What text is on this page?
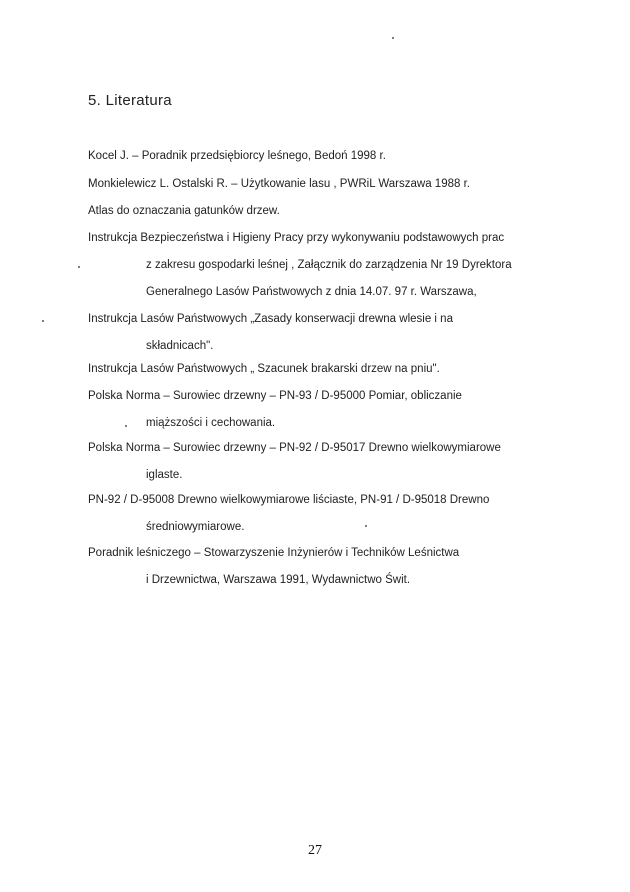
5. Literatura
Kocel J. – Poradnik przedsiębiorcy leśnego, Bedoń 1998 r.
Monkielewicz L. Ostalski R. – Użytkowanie lasu , PWRiL Warszawa 1988 r.
Atlas do oznaczania gatunków drzew.
Instrukcja Bezpieczeństwa i Higieny Pracy przy wykonywaniu podstawowych prac
z zakresu gospodarki leśnej , Załącznik do zarządzenia Nr 19 Dyrektora
Generalnego Lasów Państwowych z dnia 14.07. 97 r. Warszawa,
Instrukcja Lasów Państwowych „Zasady konserwacji drewna wlesie i na
składnicach".
Instrukcja Lasów Państwowych „ Szacunek brakarski drzew na pniu".
Polska Norma – Surowiec drzewny – PN-93 / D-95000 Pomiar, obliczanie
miąższości i cechowania.
Polska Norma – Surowiec drzewny – PN-92 / D-95017 Drewno wielkowymiarowe
iglaste.
PN-92 / D-95008 Drewno wielkowymiarowe liściaste, PN-91 / D-95018 Drewno
średniowymiarowe.
Poradnik leśniczego – Stowarzyszenie Inżynierów i Techników Leśnictwa
i Drzewnictwa, Warszawa 1991, Wydawnictwo Świt.
27
